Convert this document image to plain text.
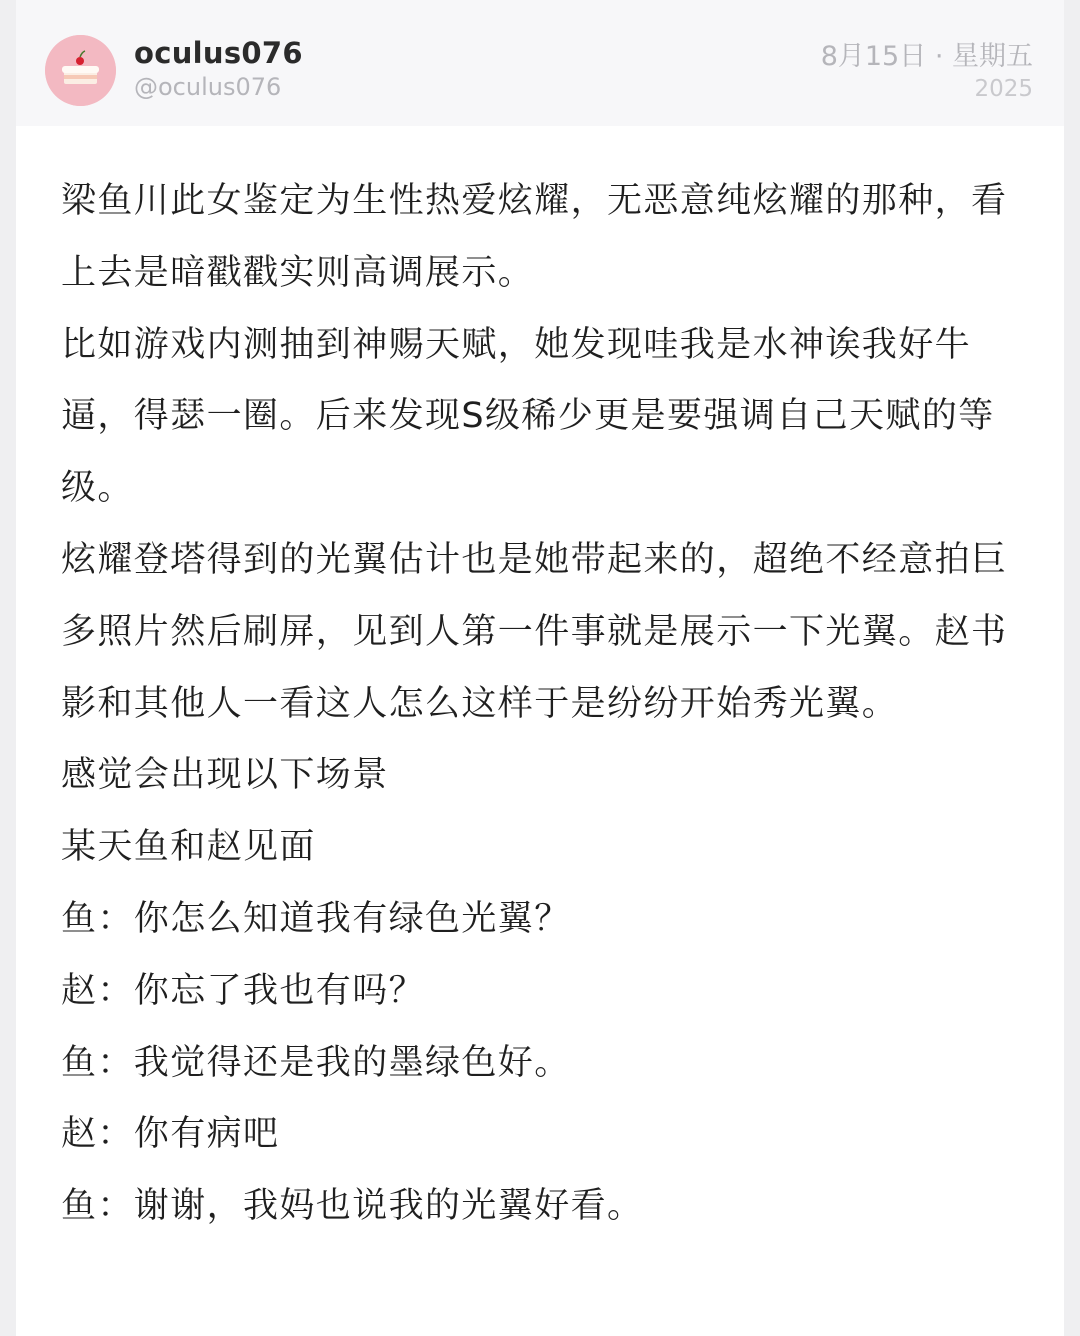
oculus076
@oculus076
8月15日 · 星期五
2025

梁鱼川此女鉴定为生性热爱炫耀，无恶意纯炫耀的那种，看上去是暗戳戳实则高调展示。

比如游戏内测抽到神赐天赋，她发现哇我是水神诶我好牛逼，得瑟一圈。后来发现S级稀少更是要强调自己天赋的等级。

炫耀登塔得到的光翼估计也是她带起来的，超绝不经意拍巨多照片然后刷屏，见到人第一件事就是展示一下光翼。赵书影和其他人一看这人怎么这样于是纷纷开始秀光翼。

感觉会出现以下场景

某天鱼和赵见面

鱼：你怎么知道我有绿色光翼？

赵：你忘了我也有吗？

鱼：我觉得还是我的墨绿色好。

赵：你有病吧

鱼：谢谢，我妈也说我的光翼好看。
